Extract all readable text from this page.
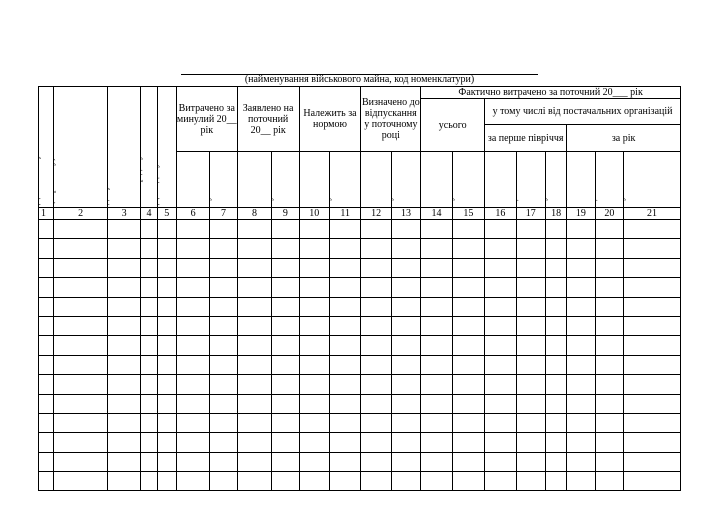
(найменування військового майна, код номенклатури)
Дата запису	(гарнізону)	документа	Номер документа	Дата документа	Витрачено за минулий 20__ рік		Заявлено на поточний 20__ рік		Належить за нормою		Визначено до відпускання у поточному році		Фактично витрачено за поточний 20___ рік							
													усього		у тому числі від постачальних організацій					
															за перше півріччя			за рік		

					кількість	сума	кількість	сума	кількість	сума	кількість	сума	кількість	сума	кількість	ціна	сума	кількість	ціна	сума

1	2	3	4	5	6	7	8	9	10	11	12	13	14	15	16	17	18	19	20	21
